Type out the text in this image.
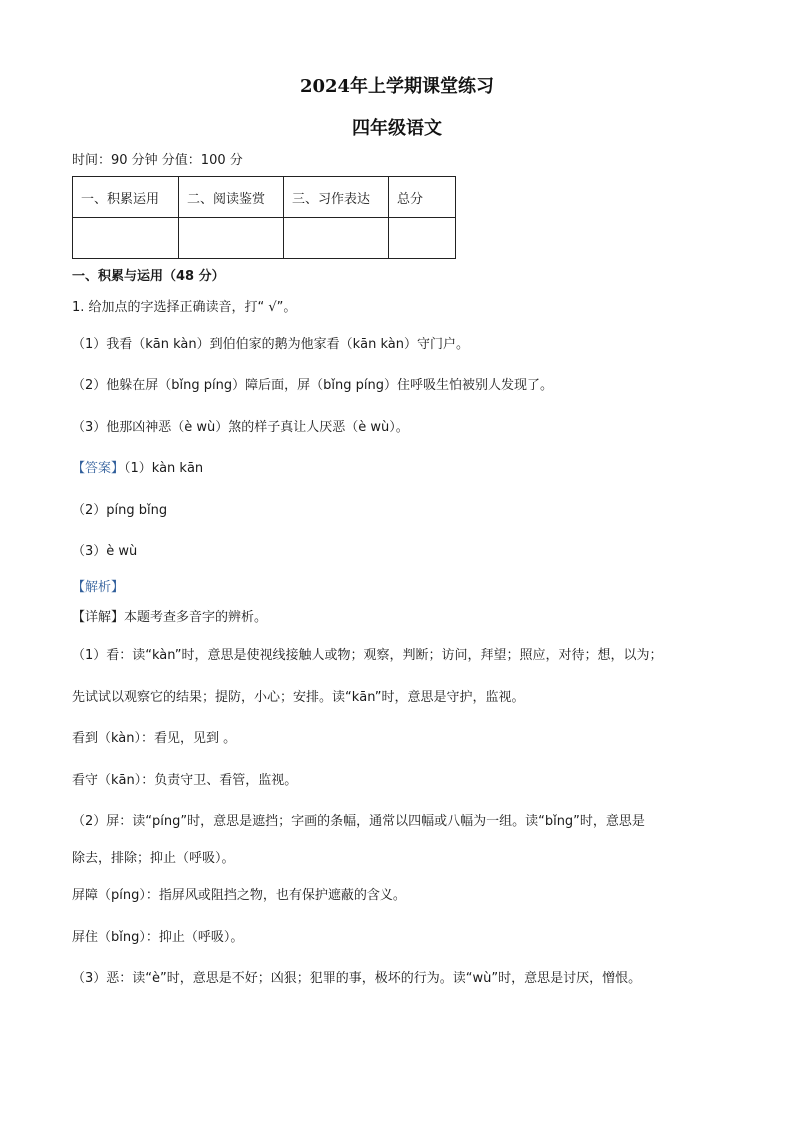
2024年上学期课堂练习
四年级语文
时间：90 分钟 分值：100 分
一、积累运用	二、阅读鉴赏	三、习作表达	总分

一、积累与运用（48 分）
1. 给加点的字选择正确读音，打“ √”。
（1）我看（kān kàn）到伯伯家的鹅为他家看（kān kàn）守门户。
（2）他躲在屏（bǐng píng）障后面，屏（bǐng píng）住呼吸生怕被别人发现了。
（3）他那凶神恶（è wù）煞的样子真让人厌恶（è wù）。
【答案】（1）kàn kān
（2）píng bǐng
（3）è wù
【解析】
【详解】本题考查多音字的辨析。
（1）看：读“kàn”时，意思是使视线接触人或物；观察，判断；访问，拜望；照应，对待；想，以为；
先试试以观察它的结果；提防，小心；安排。读“kān”时，意思是守护，监视。
看到（kàn）：看见，见到 。
看守（kān）：负责守卫、看管，监视。
（2）屏：读“píng”时，意思是遮挡；字画的条幅，通常以四幅或八幅为一组。读“bǐng”时，意思是
除去，排除；抑止（呼吸）。
屏障（píng）：指屏风或阻挡之物，也有保护遮蔽的含义。
屏住（bǐng）：抑止（呼吸）。
（3）恶：读“è”时，意思是不好；凶狠；犯罪的事，极坏的行为。读“wù”时，意思是讨厌，憎恨。
